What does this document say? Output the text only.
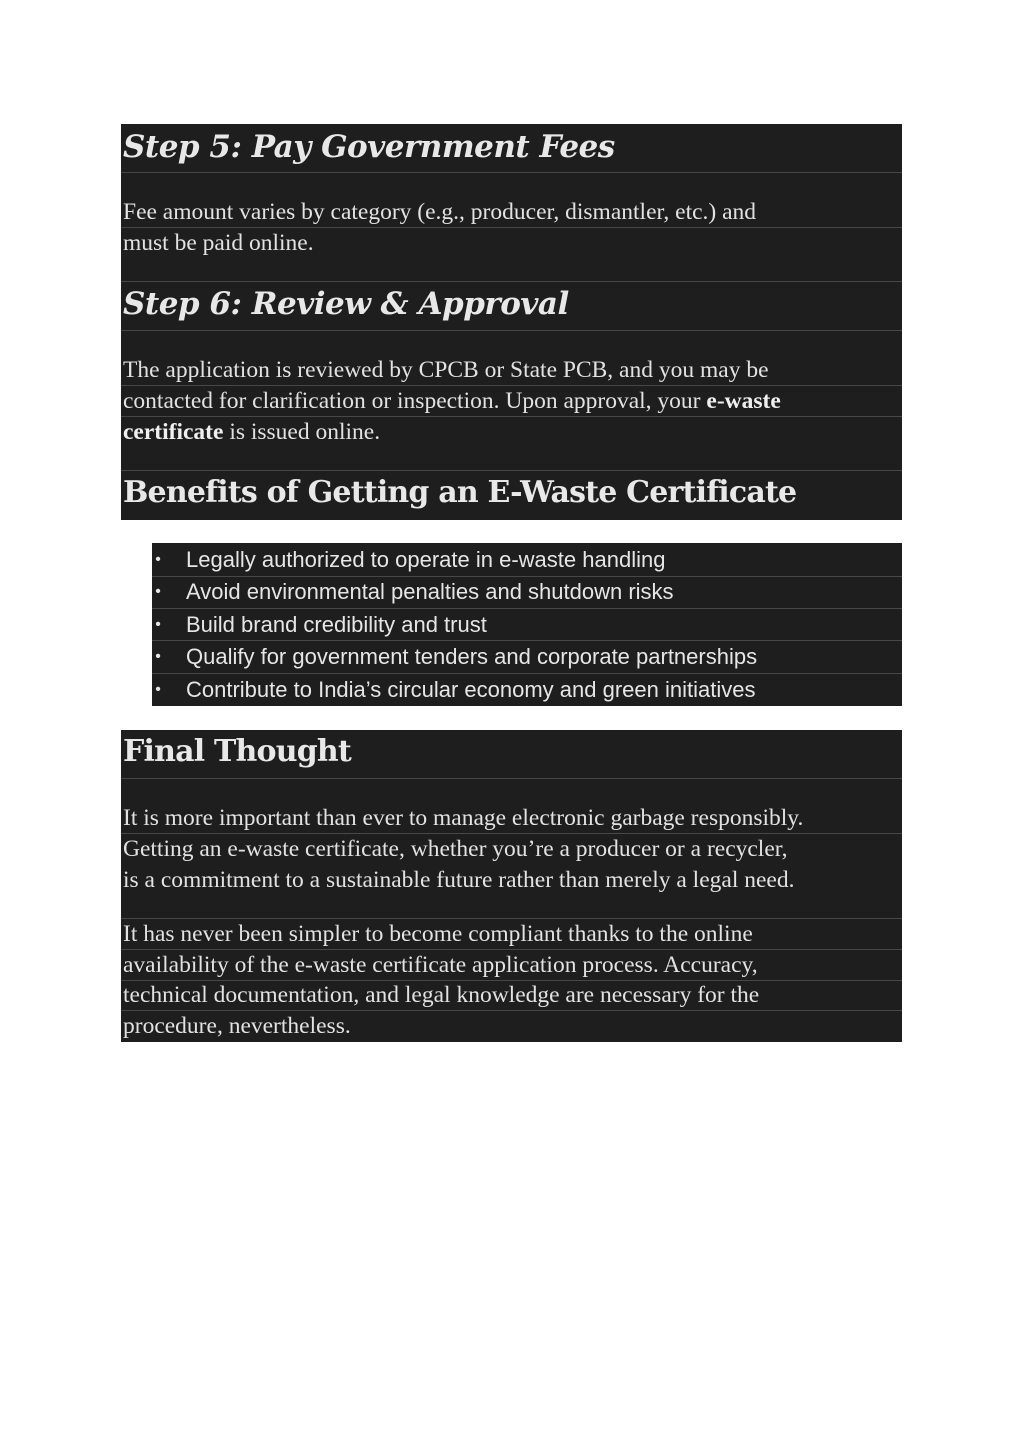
Step 5: Pay Government Fees
Fee amount varies by category (e.g., producer, dismantler, etc.) and
must be paid online.
Step 6: Review & Approval
The application is reviewed by CPCB or State PCB, and you may be
contacted for clarification or inspection. Upon approval, your e-waste
certificate is issued online.
Benefits of Getting an E-Waste Certificate
• Legally authorized to operate in e-waste handling
• Avoid environmental penalties and shutdown risks
• Build brand credibility and trust
• Qualify for government tenders and corporate partnerships
• Contribute to India’s circular economy and green initiatives
Final Thought
It is more important than ever to manage electronic garbage responsibly.
Getting an e-waste certificate, whether you’re a producer or a recycler,
is a commitment to a sustainable future rather than merely a legal need.
It has never been simpler to become compliant thanks to the online
availability of the e-waste certificate application process. Accuracy,
technical documentation, and legal knowledge are necessary for the
procedure, nevertheless.
